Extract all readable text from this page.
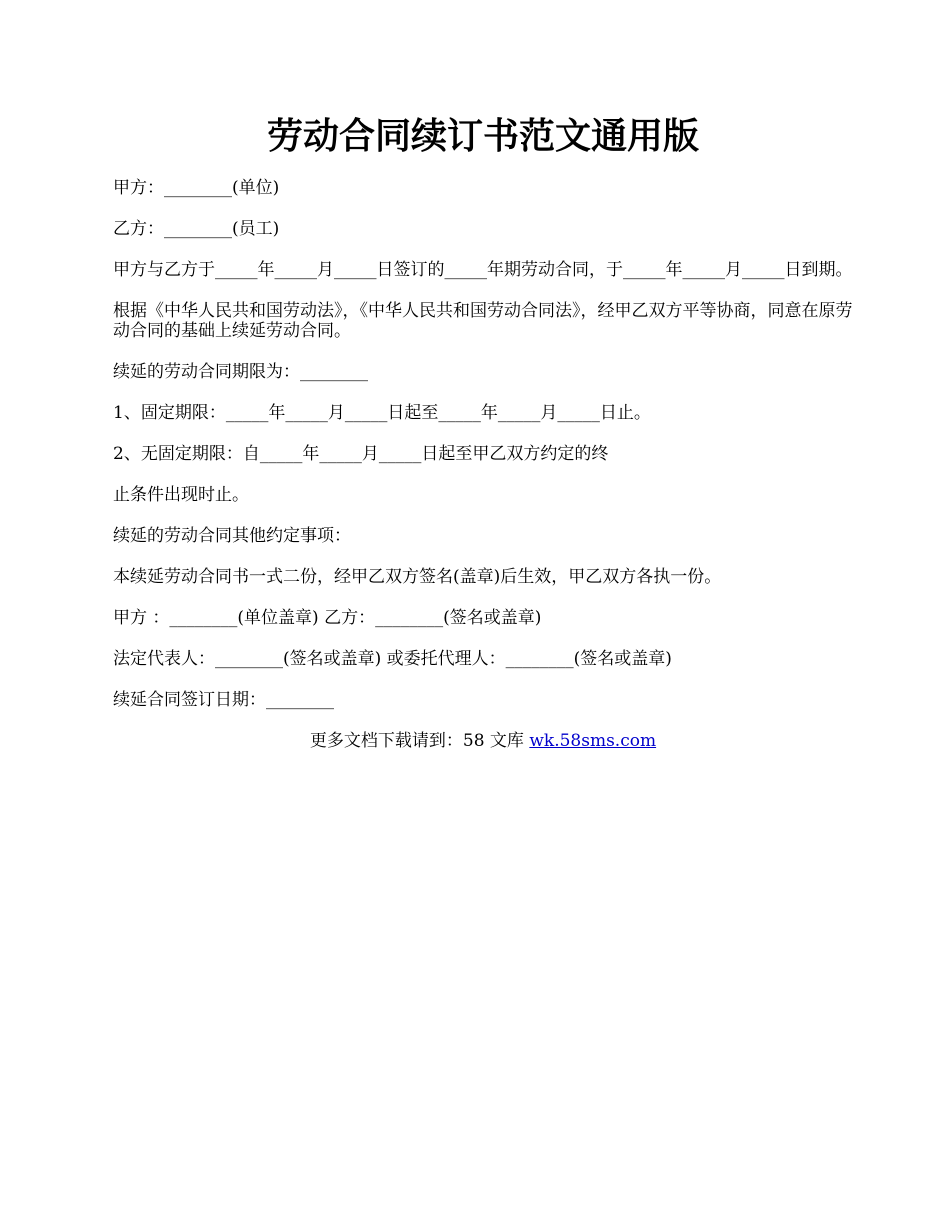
劳动合同续订书范文通用版

甲方：________(单位)

乙方：________(员工)

甲方与乙方于_____年_____月_____日签订的_____年期劳动合同，于_____年_____月_____日到期。

根据《中华人民共和国劳动法》，《中华人民共和国劳动合同法》，经甲乙双方平等协商，同意在原劳动合同的基础上续延劳动合同。

续延的劳动合同期限为：________

1、固定期限：_____年_____月_____日起至_____年_____月_____日止。

2、无固定期限：自_____年_____月_____日起至甲乙双方约定的终

止条件出现时止。

续延的劳动合同其他约定事项：

本续延劳动合同书一式二份，经甲乙双方签名(盖章)后生效，甲乙双方各执一份。

甲方 ：________(单位盖章) 乙方：________(签名或盖章)

法定代表人：________(签名或盖章) 或委托代理人：________(签名或盖章)

续延合同签订日期：________

更多文档下载请到：58 文库 wk.58sms.com
